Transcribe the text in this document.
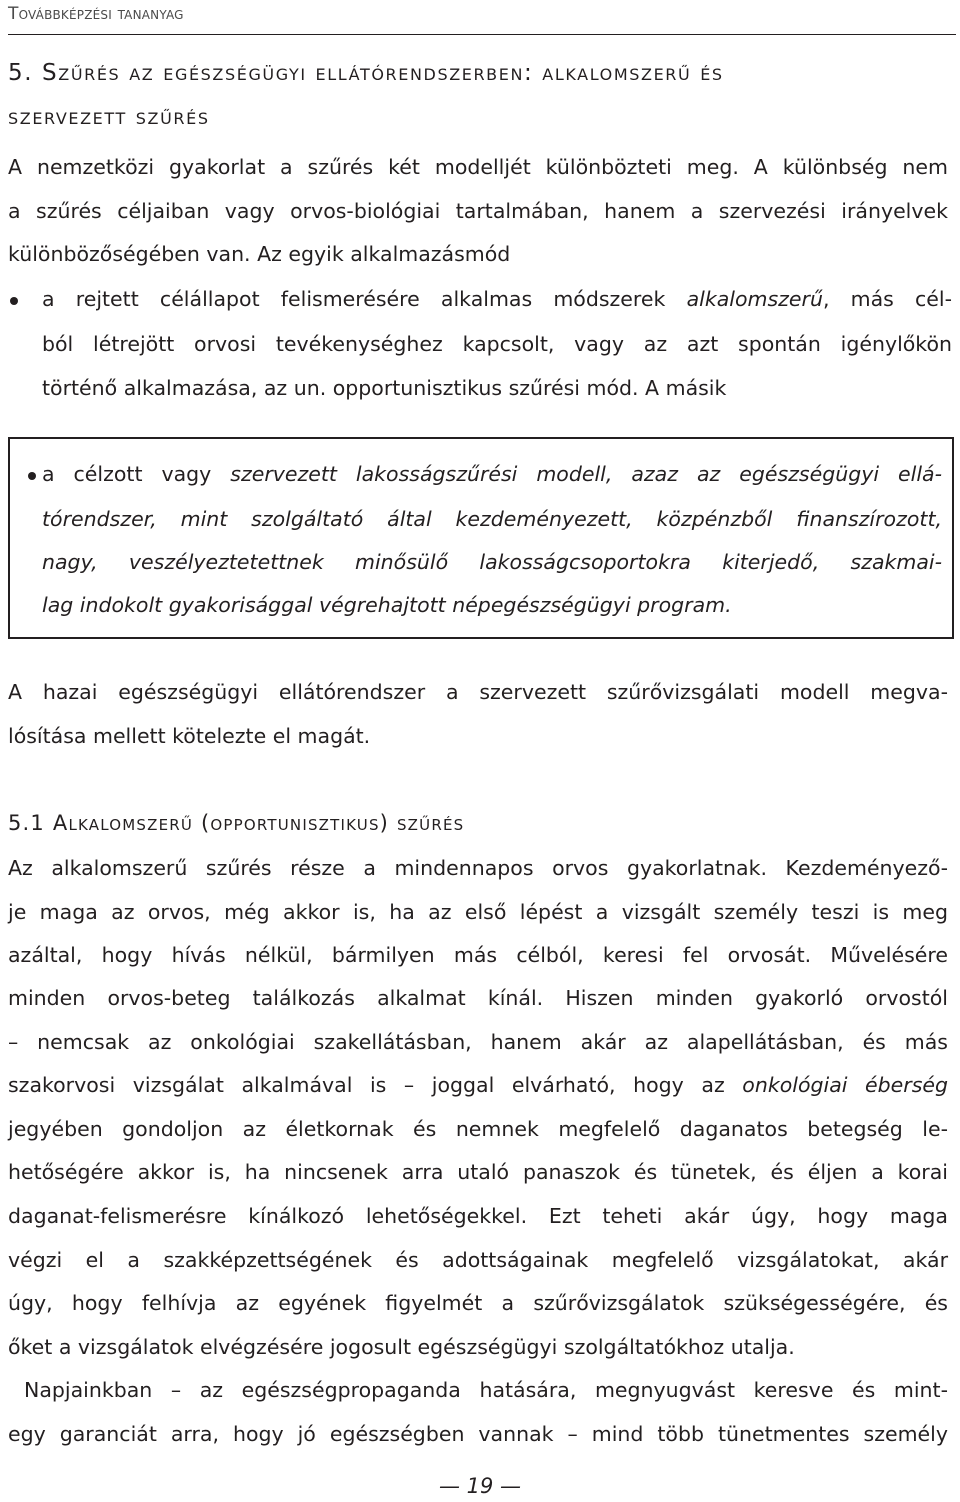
Továbbképzési tananyag
5. Szűrés az egészségügyi ellátórendszerben: alkalomszerű és
szervezett szűrés
A nemzetközi gyakorlat a szűrés két modelljét különbözteti meg. A különbség nem
a szűrés céljaiban vagy orvos-biológiai tartalmában, hanem a szervezési irányelvek
különbözőségében van. Az egyik alkalmazásmód
a rejtett célállapot felismerésére alkalmas módszerek alkalomszerű, más cél-
ból létrejött orvosi tevékenységhez kapcsolt, vagy az azt spontán igénylőkön
történő alkalmazása, az un. opportunisztikus szűrési mód. A másik
a célzott vagy szervezett lakosságszűrési modell, azaz az egészségügyi ellá-
tórendszer, mint szolgáltató által kezdeményezett, közpénzből finanszírozott,
nagy, veszélyeztetettnek minősülő lakosságcsoportokra kiterjedő, szakmai-
lag indokolt gyakorisággal végrehajtott népegészségügyi program.
A hazai egészségügyi ellátórendszer a szervezett szűrővizsgálati modell megva-
lósítása mellett kötelezte el magát.
5.1 Alkalomszerű (opportunisztikus) szűrés
Az alkalomszerű szűrés része a mindennapos orvos gyakorlatnak. Kezdeményező-
je maga az orvos, még akkor is, ha az első lépést a vizsgált személy teszi is meg
azáltal, hogy hívás nélkül, bármilyen más célból, keresi fel orvosát. Művelésére
minden orvos-beteg találkozás alkalmat kínál. Hiszen minden gyakorló orvostól
– nemcsak az onkológiai szakellátásban, hanem akár az alapellátásban, és más
szakorvosi vizsgálat alkalmával is – joggal elvárható, hogy az onkológiai éberség
jegyében gondoljon az életkornak és nemnek megfelelő daganatos betegség le-
hetőségére akkor is, ha nincsenek arra utaló panaszok és tünetek, és éljen a korai
daganat-felismerésre kínálkozó lehetőségekkel. Ezt teheti akár úgy, hogy maga
végzi el a szakképzettségének és adottságainak megfelelő vizsgálatokat, akár
úgy, hogy felhívja az egyének figyelmét a szűrővizsgálatok szükségességére, és
őket a vizsgálatok elvégzésére jogosult egészségügyi szolgáltatókhoz utalja.
Napjainkban – az egészségpropaganda hatására, megnyugvást keresve és mint-
egy garanciát arra, hogy jó egészségben vannak – mind több tünetmentes személy
— 19 —
